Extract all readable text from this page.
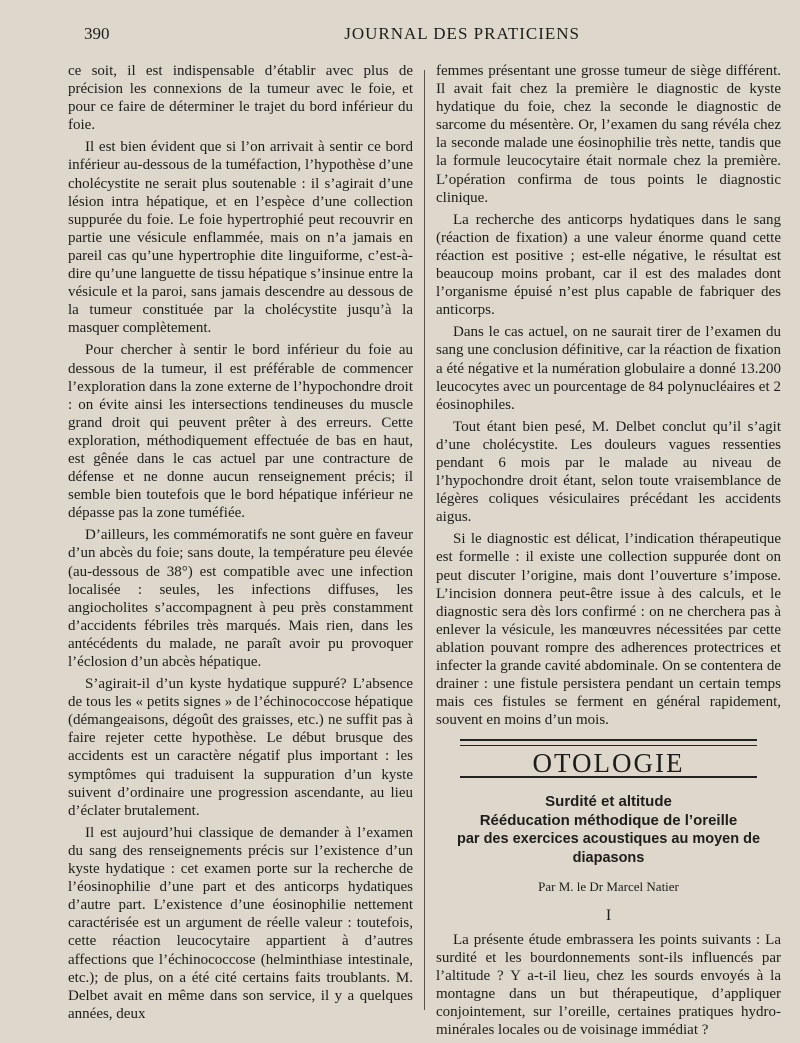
390	JOURNAL DES PRATICIENS

ce soit, il est indispensable d’établir avec plus de précision les connexions de la tumeur avec le foie, et pour ce faire de déterminer le trajet du bord inférieur du foie.

Il est bien évident que si l’on arrivait à sentir ce bord inférieur au-dessous de la tuméfaction, l’hypothèse d’une cholécystite ne serait plus soutenable : il s’agirait d’une lésion intra hépatique, et en l’espèce d’une collection suppurée du foie. Le foie hypertrophié peut recouvrir en partie une vésicule enflammée, mais on n’a jamais en pareil cas qu’une hypertrophie dite linguiforme, c’est-à-dire qu’une languette de tissu hépatique s’insinue entre la vésicule et la paroi, sans jamais descendre au dessous de la tumeur constituée par la cholécystite jusqu’à la masquer complètement.

Pour chercher à sentir le bord inférieur du foie au dessous de la tumeur, il est préférable de commencer l’exploration dans la zone externe de l’hypochondre droit : on évite ainsi les intersections tendineuses du muscle grand droit qui peuvent prêter à des erreurs. Cette exploration, méthodiquement effectuée de bas en haut, est gênée dans le cas actuel par une contracture de défense et ne donne aucun renseignement précis; il semble bien toutefois que le bord hépatique inférieur ne dépasse pas la zone tuméfiée.

D’ailleurs, les commémoratifs ne sont guère en faveur d’un abcès du foie; sans doute, la température peu élevée (au-dessous de 38°) est compatible avec une infection localisée : seules, les infections diffuses, les angiocholites s’accompagnent à peu près constamment d’accidents fébriles très marqués. Mais rien, dans les antécédents du malade, ne paraît avoir pu provoquer l’éclosion d’un abcès hépatique.

S’agirait-il d’un kyste hydatique suppuré? L’absence de tous les « petits signes » de l’échinococcose hépatique (démangeaisons, dégoût des graisses, etc.) ne suffit pas à faire rejeter cette hypothèse. Le début brusque des accidents est un caractère négatif plus important : les symptômes qui traduisent la suppuration d’un kyste suivent d’ordinaire une progression ascendante, au lieu d’éclater brutalement.

Il est aujourd’hui classique de demander à l’examen du sang des renseignements précis sur l’existence d’un kyste hydatique : cet examen porte sur la recherche de l’éosinophilie d’une part et des anticorps hydatiques d’autre part. L’existence d’une éosinophilie nettement caractérisée est un argument de réelle valeur : toutefois, cette réaction leucocytaire appartient à d’autres affections que l’échinococcose (helminthiase intestinale, etc.); de plus, on a été cité certains faits troublants. M. Delbet avait en même dans son service, il y a quelques années, deux

femmes présentant une grosse tumeur de siège différent. Il avait fait chez la première le diagnostic de kyste hydatique du foie, chez la seconde le diagnostic de sarcome du mésentère. Or, l’examen du sang révéla chez la seconde malade une éosinophilie très nette, tandis que la formule leucocytaire était normale chez la première. L’opération confirma de tous points le diagnostic clinique.

La recherche des anticorps hydatiques dans le sang (réaction de fixation) a une valeur énorme quand cette réaction est positive ; est-elle négative, le résultat est beaucoup moins probant, car il est des malades dont l’organisme épuisé n’est plus capable de fabriquer des anticorps.

Dans le cas actuel, on ne saurait tirer de l’examen du sang une conclusion définitive, car la réaction de fixation a été négative et la numération globulaire a donné 13.200 leucocytes avec un pourcentage de 84 polynucléaires et 2 éosinophiles.

Tout étant bien pesé, M. Delbet conclut qu’il s’agit d’une cholécystite. Les douleurs vagues ressenties pendant 6 mois par le malade au niveau de l’hypochondre droit étant, selon toute vraisemblance de légères coliques vésiculaires précédant les accidents aigus.

Si le diagnostic est délicat, l’indication thérapeutique est formelle : il existe une collection suppurée dont on peut discuter l’origine, mais dont l’ouverture s’impose. L’incision donnera peut-être issue à des calculs, et le diagnostic sera dès lors confirmé : on ne cherchera pas à enlever la vésicule, les manœuvres nécessitées par cette ablation pouvant rompre des adherences protectrices et infecter la grande cavité abdominale. On se contentera de drainer : une fistule persistera pendant un certain temps mais ces fistules se ferment en général rapidement, souvent en moins d’un mois.

OTOLOGIE
Surdité et altitude
Rééducation méthodique de l’oreille
par des exercices acoustiques au moyen de diapasons
Par M. le Dr Marcel Natier
I

La présente étude embrassera les points suivants : La surdité et les bourdonnements sont-ils influencés par l’altitude ? Y a-t-il lieu, chez les sourds envoyés à la montagne dans un but thérapeutique, d’appliquer conjointement, sur l’oreille, certaines pratiques hydro-minérales locales ou de voisinage immédiat ?
